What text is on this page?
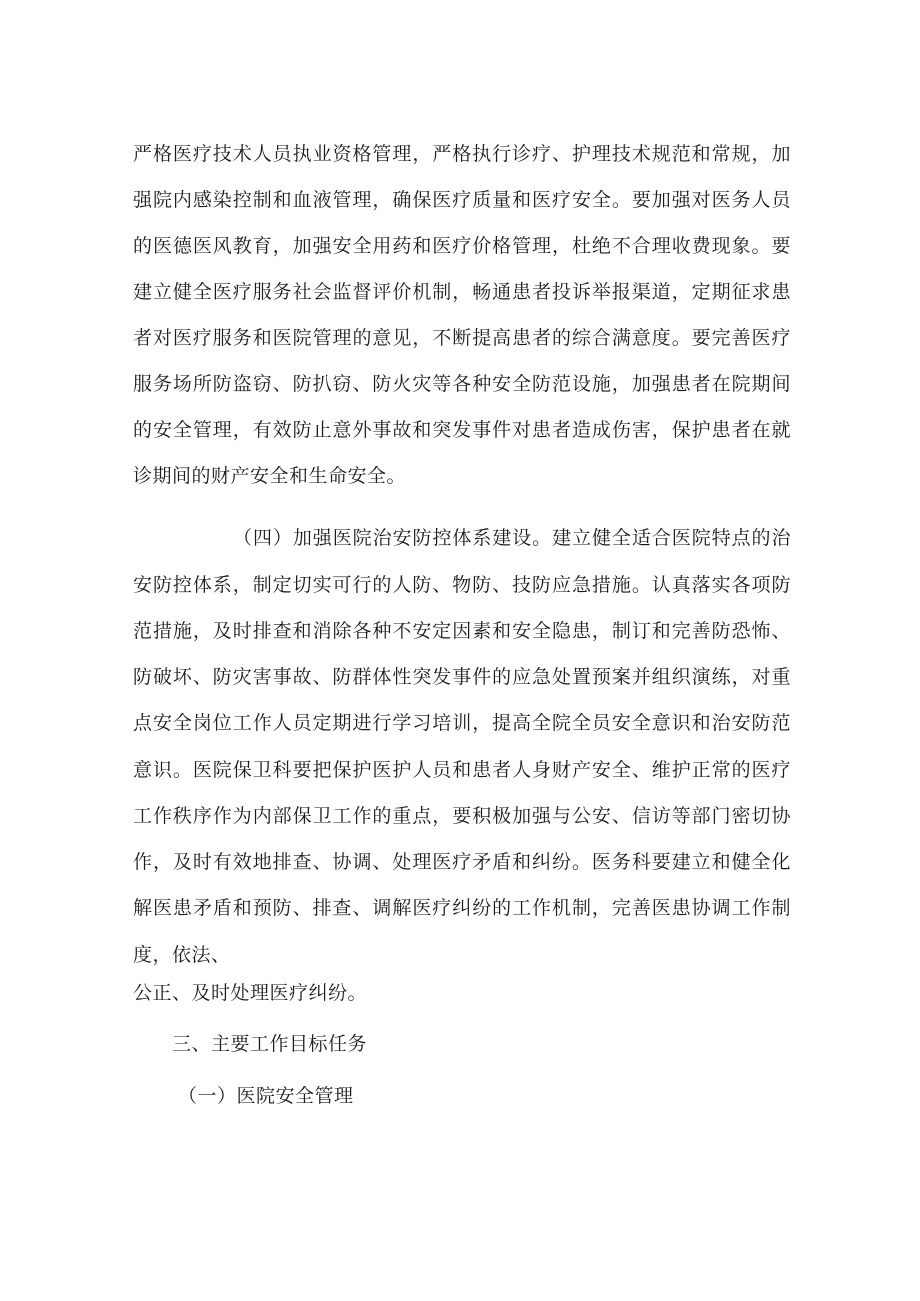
严格医疗技术人员执业资格管理，严格执行诊疗、护理技术规范和常规，加
强院内感染控制和血液管理，确保医疗质量和医疗安全。要加强对医务人员
的医德医风教育，加强安全用药和医疗价格管理，杜绝不合理收费现象。要
建立健全医疗服务社会监督评价机制，畅通患者投诉举报渠道，定期征求患
者对医疗服务和医院管理的意见，不断提高患者的综合满意度。要完善医疗
服务场所防盗窃、防扒窃、防火灾等各种安全防范设施，加强患者在院期间
的安全管理，有效防止意外事故和突发事件对患者造成伤害，保护患者在就
诊期间的财产安全和生命安全。
（四）加强医院治安防控体系建设。建立健全适合医院特点的治
安防控体系，制定切实可行的人防、物防、技防应急措施。认真落实各项防
范措施，及时排查和消除各种不安定因素和安全隐患，制订和完善防恐怖、
防破坏、防灾害事故、防群体性突发事件的应急处置预案并组织演练，对重
点安全岗位工作人员定期进行学习培训，提高全院全员安全意识和治安防范
意识。医院保卫科要把保护医护人员和患者人身财产安全、维护正常的医疗
工作秩序作为内部保卫工作的重点，要积极加强与公安、信访等部门密切协
作，及时有效地排查、协调、处理医疗矛盾和纠纷。医务科要建立和健全化
解医患矛盾和预防、排查、调解医疗纠纷的工作机制，完善医患协调工作制
度，依法、
公正、及时处理医疗纠纷。
三、主要工作目标任务
（一）医院安全管理
